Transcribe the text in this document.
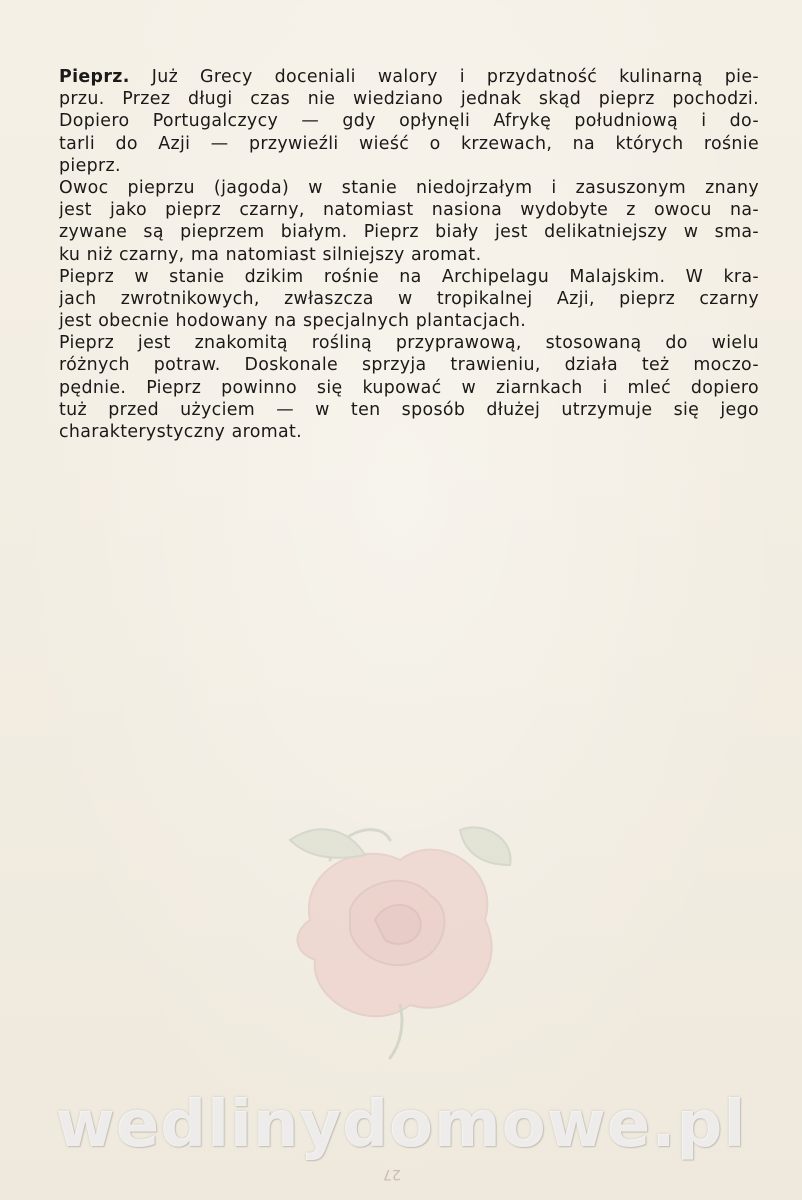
Pieprz. Już Grecy doceniali walory i przydatność kulinarną pie-
przu. Przez długi czas nie wiedziano jednak skąd pieprz pochodzi.
Dopiero Portugalczycy — gdy opłynęli Afrykę południową i do-
tarli do Azji — przywieźli wieść o krzewach, na których rośnie
pieprz.
Owoc pieprzu (jagoda) w stanie niedojrzałym i zasuszonym znany
jest jako pieprz czarny, natomiast nasiona wydobyte z owocu na-
zywane są pieprzem białym. Pieprz biały jest delikatniejszy w sma-
ku niż czarny, ma natomiast silniejszy aromat.
Pieprz w stanie dzikim rośnie na Archipelagu Malajskim. W kra-
jach zwrotnikowych, zwłaszcza w tropikalnej Azji, pieprz czarny
jest obecnie hodowany na specjalnych plantacjach.
Pieprz jest znakomitą rośliną przyprawową, stosowaną do wielu
różnych potraw. Doskonale sprzyja trawieniu, działa też moczo-
pędnie. Pieprz powinno się kupować w ziarnkach i mleć dopiero
tuż przed użyciem — w ten sposób dłużej utrzymuje się jego
charakterystyczny aromat.
wedlinydomowe.pl
27
